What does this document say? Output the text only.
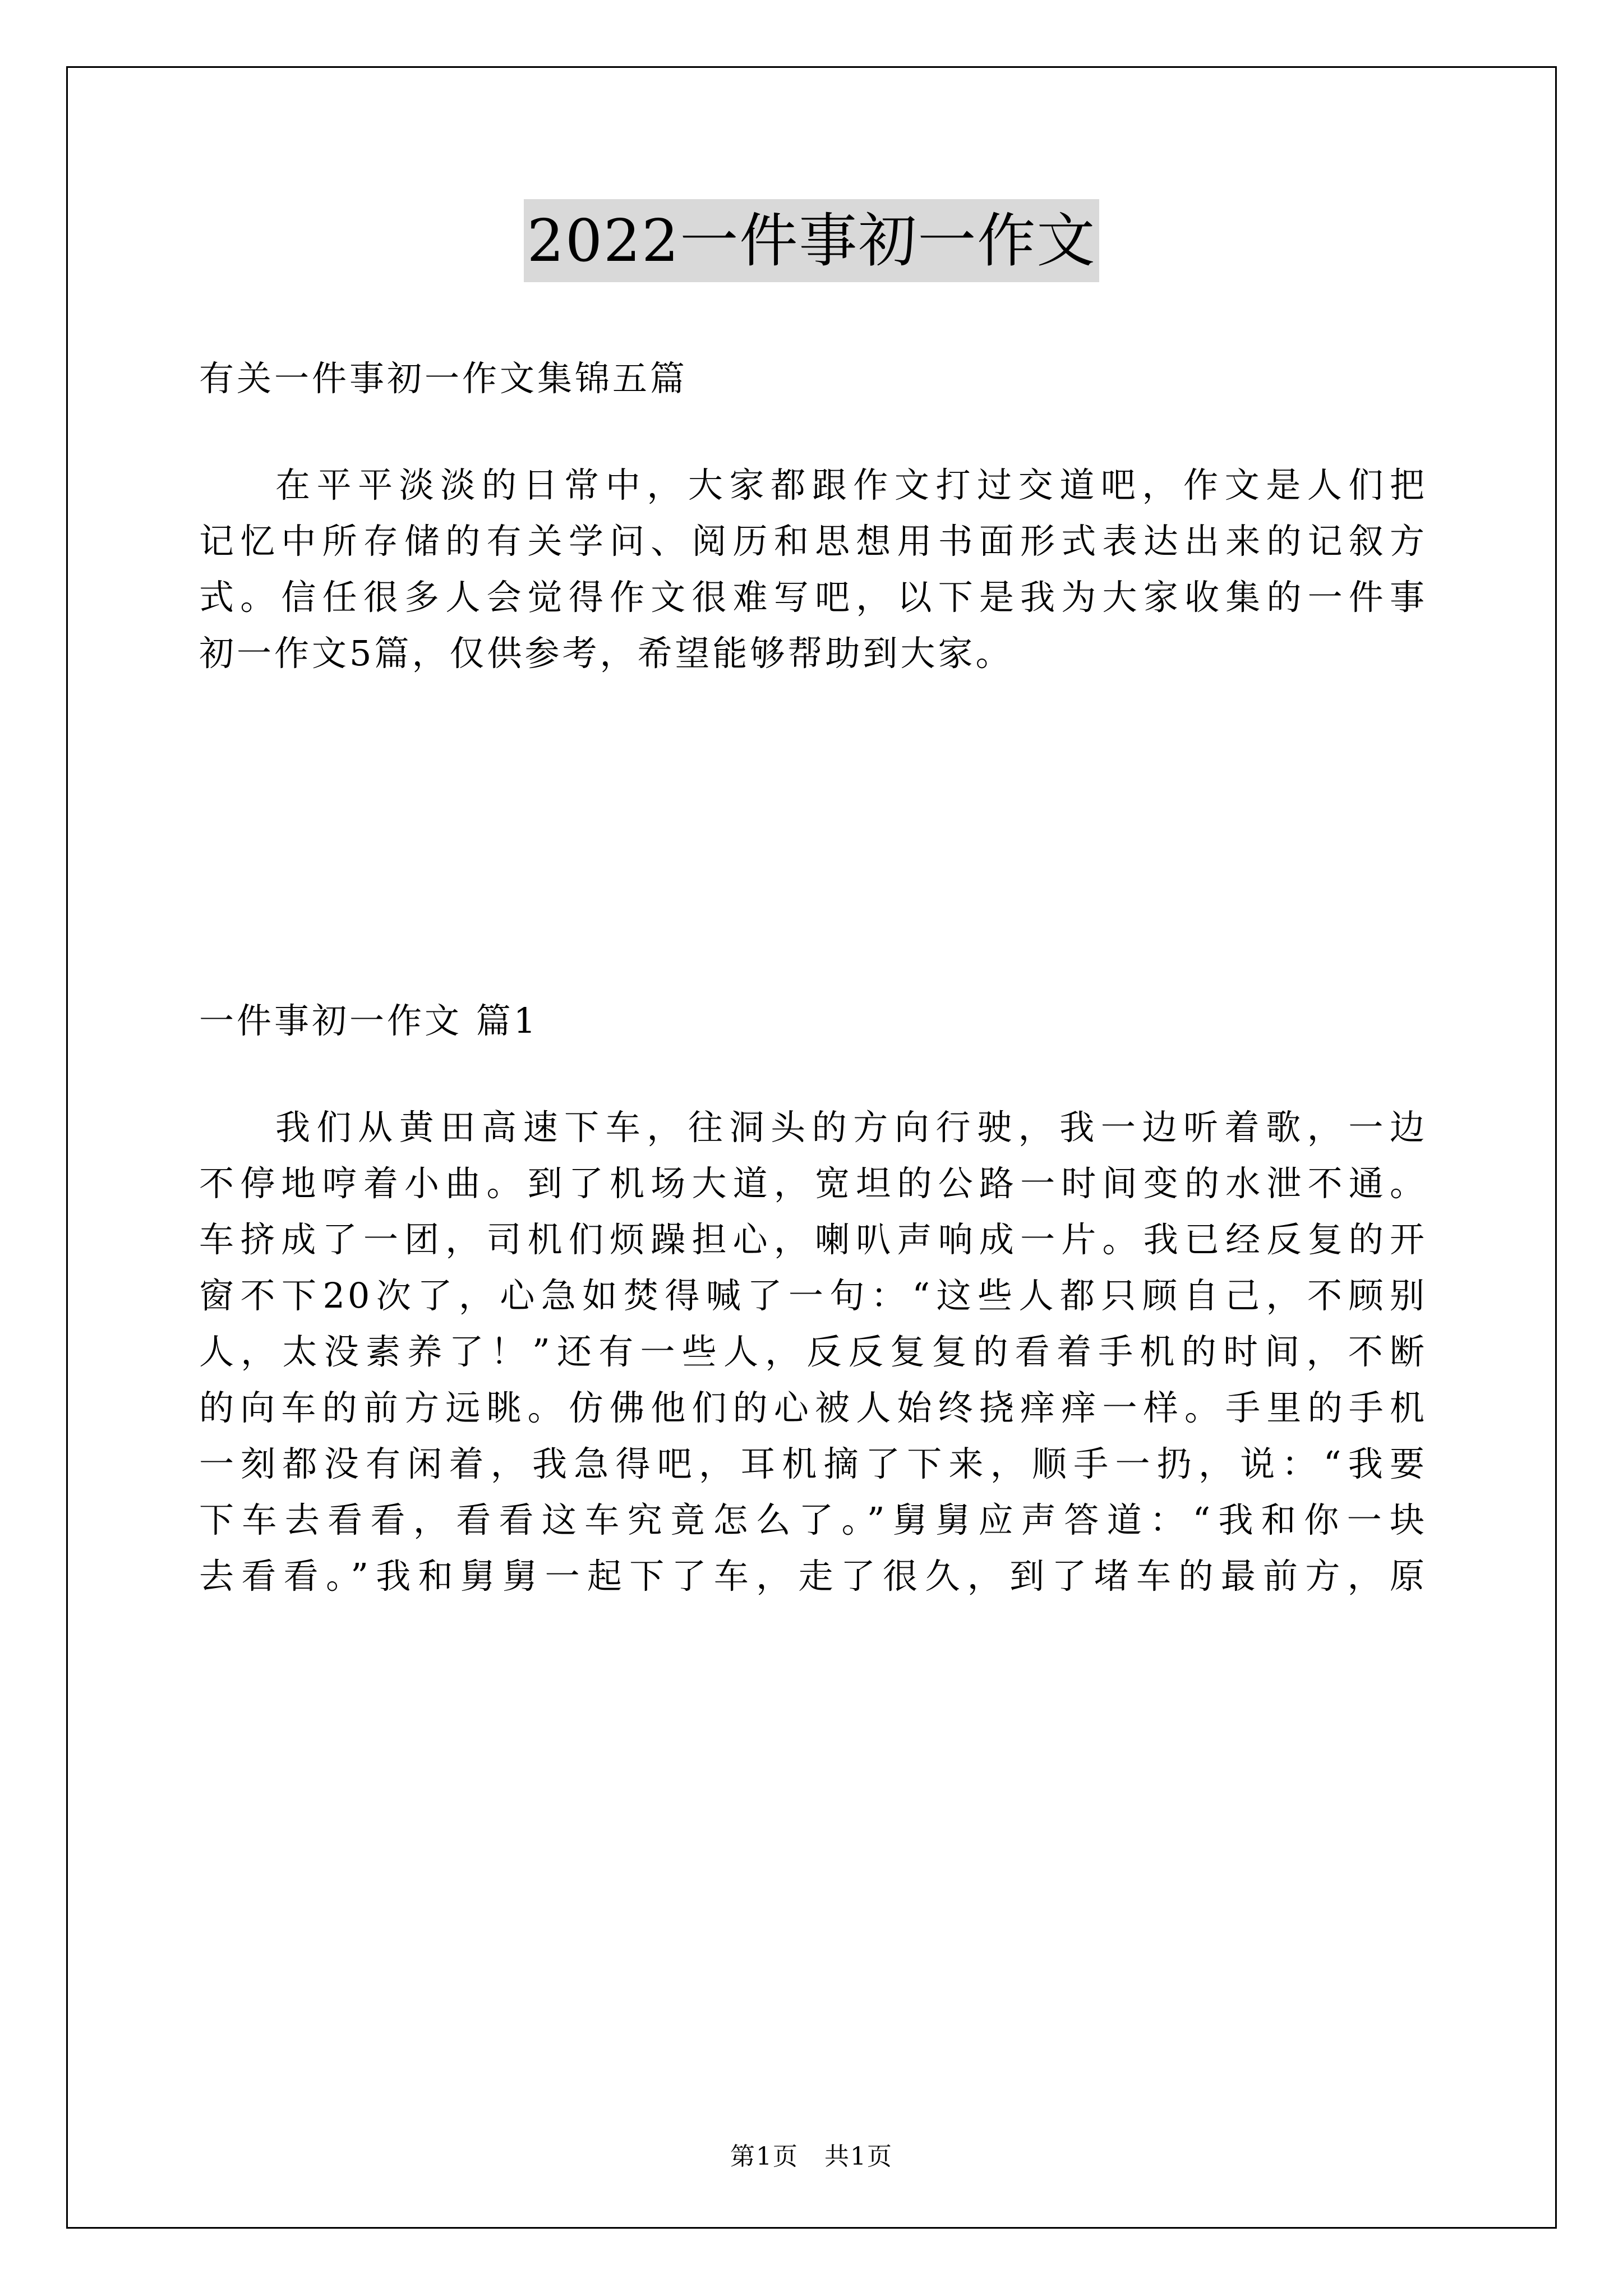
2022一件事初一作文
有关一件事初一作文集锦五篇
在平平淡淡的日常中，大家都跟作文打过交道吧，作文是人们把
记忆中所存储的有关学问、阅历和思想用书面形式表达出来的记叙方
式。信任很多人会觉得作文很难写吧，以下是我为大家收集的一件事
初一作文5篇，仅供参考，希望能够帮助到大家。
一件事初一作文 篇1
我们从黄田高速下车，往洞头的方向行驶，我一边听着歌，一边
不停地哼着小曲。到了机场大道，宽坦的公路一时间变的水泄不通。
车挤成了一团，司机们烦躁担心，喇叭声响成一片。我已经反复的开
窗不下20次了，心急如焚得喊了一句：“这些人都只顾自己，不顾别
人，太没素养了！”还有一些人，反反复复的看着手机的时间，不断
的向车的前方远眺。仿佛他们的心被人始终挠痒痒一样。手里的手机
一刻都没有闲着，我急得吧，耳机摘了下来，顺手一扔，说：“我要
下车去看看，看看这车究竟怎么了。”舅舅应声答道：“我和你一块
去看看。”我和舅舅一起下了车，走了很久，到了堵车的最前方，原
第1页　共1页
